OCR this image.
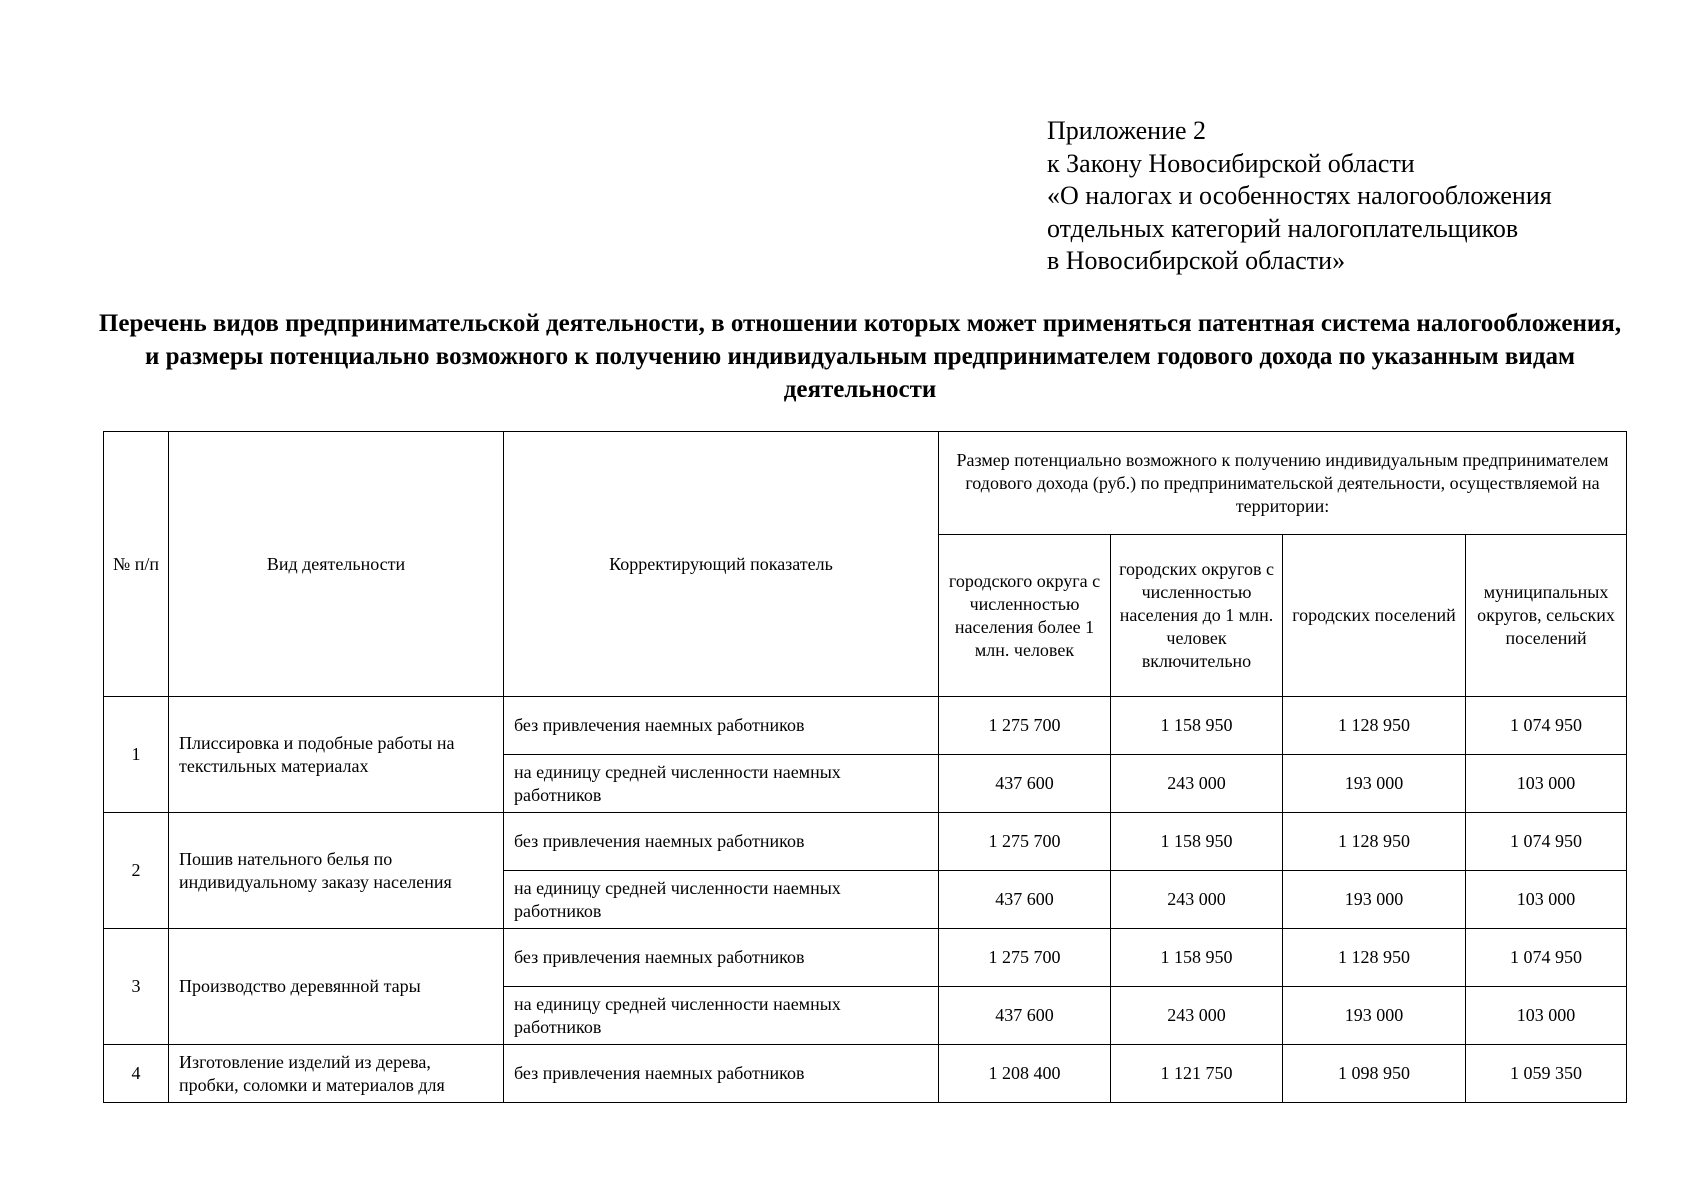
Приложение 2
к Закону Новосибирской области
«О налогах и особенностях налогообложения
отдельных категорий налогоплательщиков
в Новосибирской области»
Перечень видов предпринимательской деятельности, в отношении которых может применяться патентная система налогообложения, и размеры потенциально возможного к получению индивидуальным предпринимателем годового дохода по указанным видам деятельности
№ п/п	Вид деятельности	Корректирующий показатель	Размер потенциально возможного к получению индивидуальным предпринимателем годового дохода (руб.) по предпринимательской деятельности, осуществляемой на территории:			
			городского округа с численностью населения более 1 млн. человек	городских округов с численностью населения до 1 млн. человек включительно	городских поселений	муниципальных округов, сельских поселений
1	Плиссировка и подобные работы на текстильных материалах	без привлечения наемных работников	1 275 700	1 158 950	1 128 950	1 074 950
		на единицу средней численности наемных работников	437 600	243 000	193 000	103 000
2	Пошив нательного белья по индивидуальному заказу населения	без привлечения наемных работников	1 275 700	1 158 950	1 128 950	1 074 950
		на единицу средней численности наемных работников	437 600	243 000	193 000	103 000
3	Производство деревянной тары	без привлечения наемных работников	1 275 700	1 158 950	1 128 950	1 074 950
		на единицу средней численности наемных работников	437 600	243 000	193 000	103 000
4	Изготовление изделий из дерева, пробки, соломки и материалов для	без привлечения наемных работников	1 208 400	1 121 750	1 098 950	1 059 350
